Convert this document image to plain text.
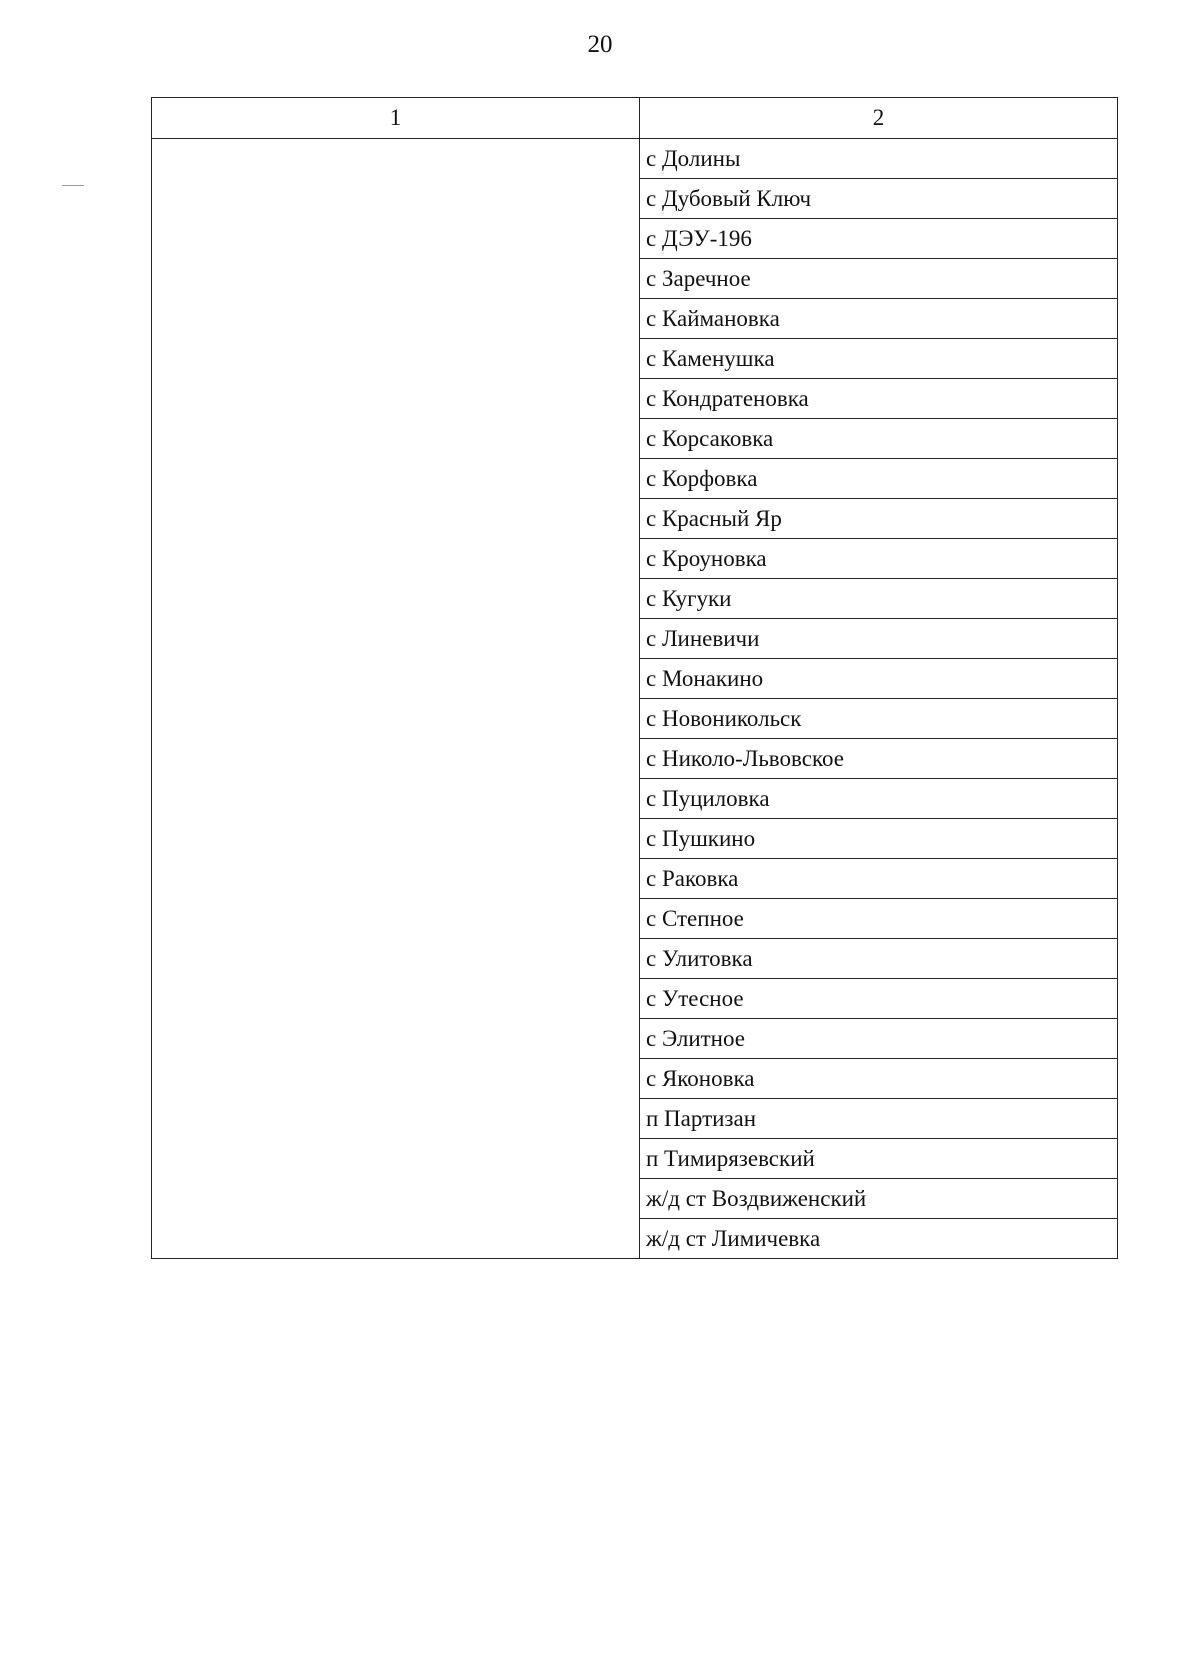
20
1	2
	с Долины
	с Дубовый Ключ
	с ДЭУ-196
	с Заречное
	с Каймановка
	с Каменушка
	с Кондратеновка
	с Корсаковка
	с Корфовка
	с Красный Яр
	с Кроуновка
	с Кугуки
	с Линевичи
	с Монакино
	с Новоникольск
	с Николо-Львовское
	с Пуциловка
	с Пушкино
	с Раковка
	с Степное
	с Улитовка
	с Утесное
	с Элитное
	с Яконовка
	п Партизан
	п Тимирязевский
	ж/д ст Воздвиженский
	ж/д ст Лимичевка
